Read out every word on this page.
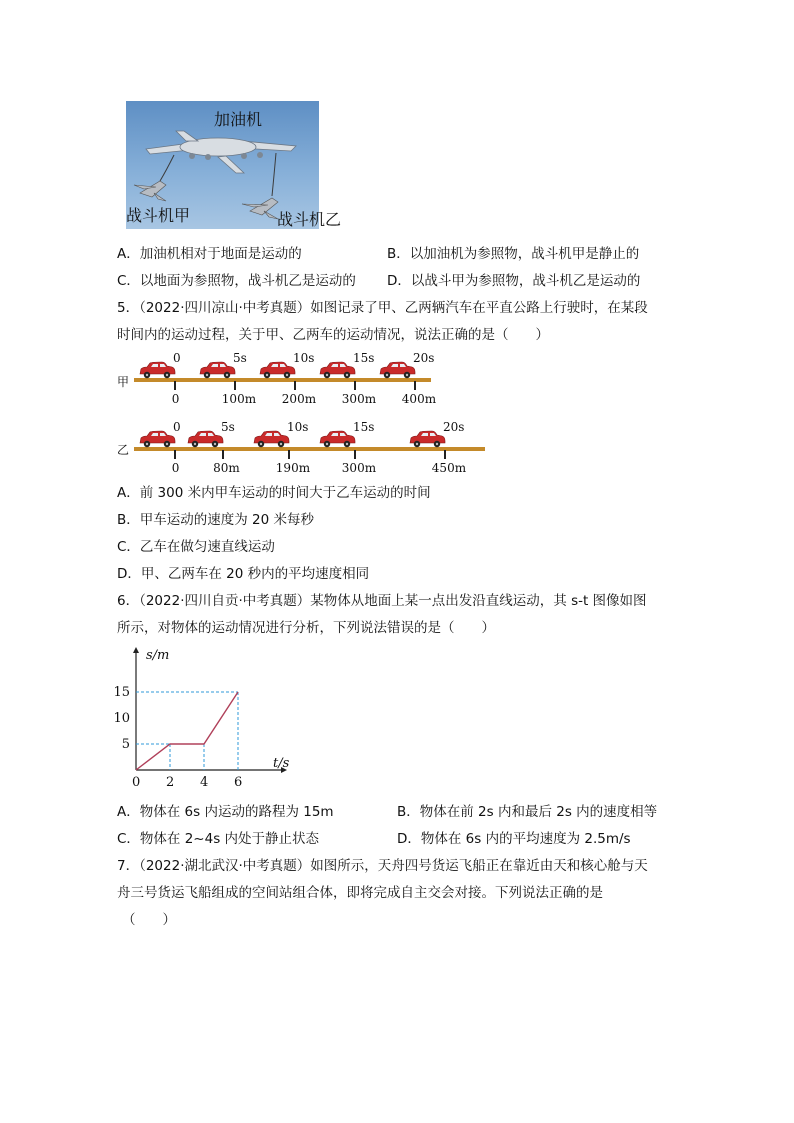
加油机
战斗机甲	战斗机乙
A．加油机相对于地面是运动的	B．以加油机为参照物，战斗机甲是静止的
C．以地面为参照物，战斗机乙是运动的 D．以战斗甲为参照物，战斗机乙是运动的
5．（2022·四川凉山·中考真题）如图记录了甲、乙两辆汽车在平直公路上行驶时，在某段
时间内的运动过程，关于甲、乙两车的运动情况，说法正确的是（　　）
甲
0
0
5s
100m
10s
200m
15s
300m
20s
400m
乙
0
0
5s
80m
10s
190m
15s
300m
20s
450m
A．前 300 米内甲车运动的时间大于乙车运动的时间
B．甲车运动的速度为 20 米每秒
C．乙车在做匀速直线运动
D．甲、乙两车在 20 秒内的平均速度相同
6．（2022·四川自贡·中考真题）某物体从地面上某一点出发沿直线运动，其 s-t 图像如图
所示，对物体的运动情况进行分析，下列说法错误的是（　　）
0 2 4 6
5
10
15
t/s
s/m
A．物体在 6s 内运动的路程为 15m	B．物体在前 2s 内和最后 2s 内的速度相等
C．物体在 2~4s 内处于静止状态	D．物体在 6s 内的平均速度为 2.5m/s
7．（2022·湖北武汉·中考真题）如图所示，天舟四号货运飞船正在靠近由天和核心舱与天
舟三号货运飞船组成的空间站组合体，即将完成自主交会对接。下列说法正确的是
（　　）
